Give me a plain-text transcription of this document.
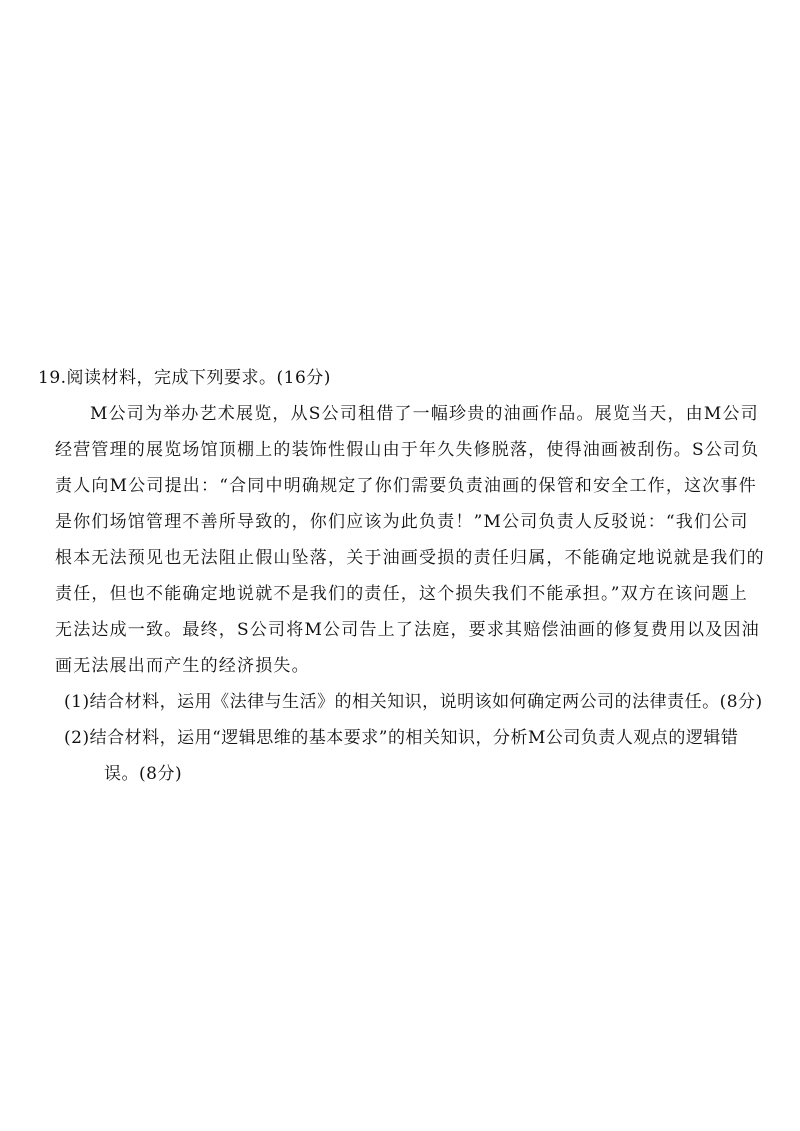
19.阅读材料，完成下列要求。(16分)
M公司为举办艺术展览，从S公司租借了一幅珍贵的油画作品。展览当天，由M公司
经营管理的展览场馆顶棚上的装饰性假山由于年久失修脱落，使得油画被刮伤。S公司负
责人向M公司提出：“合同中明确规定了你们需要负责油画的保管和安全工作，这次事件
是你们场馆管理不善所导致的，你们应该为此负责！”M公司负责人反驳说：“我们公司
根本无法预见也无法阻止假山坠落，关于油画受损的责任归属，不能确定地说就是我们的
责任，但也不能确定地说就不是我们的责任，这个损失我们不能承担。”双方在该问题上
无法达成一致。最终，S公司将M公司告上了法庭，要求其赔偿油画的修复费用以及因油
画无法展出而产生的经济损失。
(1)结合材料，运用《法律与生活》的相关知识，说明该如何确定两公司的法律责任。(8分)
(2)结合材料，运用“逻辑思维的基本要求”的相关知识，分析M公司负责人观点的逻辑错
误。(8分)
